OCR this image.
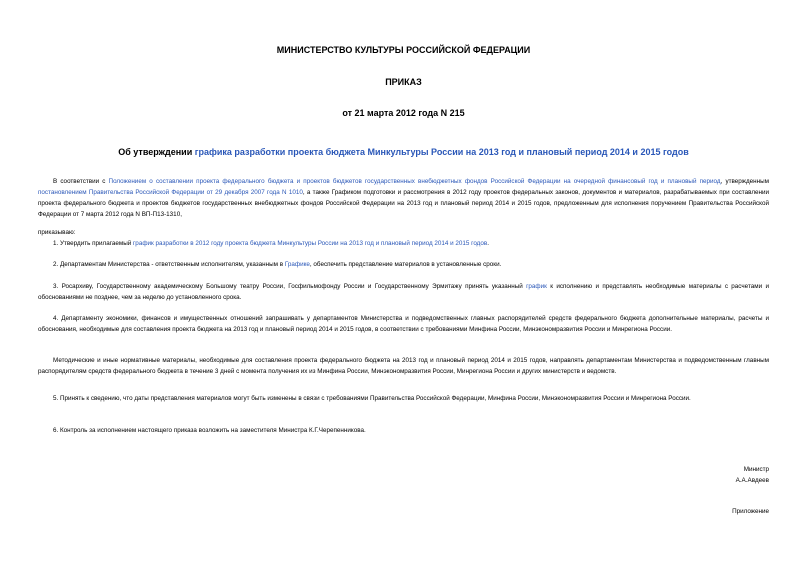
МИНИСТЕРСТВО КУЛЬТУРЫ РОССИЙСКОЙ ФЕДЕРАЦИИ
ПРИКАЗ
от 21 марта 2012 года N 215
Об утверждении графика разработки проекта бюджета Минкультуры России на 2013 год и плановый период 2014 и 2015 годов
В соответствии с Положением о составлении проекта федерального бюджета и проектов бюджетов государственных внебюджетных фондов Российской Федерации на очередной финансовый год и плановый период, утвержденным постановлением Правительства Российской Федерации от 29 декабря 2007 года N 1010, а также Графиком подготовки и рассмотрения в 2012 году проектов федеральных законов, документов и материалов, разрабатываемых при составлении проекта федерального бюджета и проектов бюджетов государственных внебюджетных фондов Российской Федерации на 2013 год и плановый период 2014 и 2015 годов, предложенным для исполнения поручением Правительства Российской Федерации от 7 марта 2012 года N ВП-П13-1310,
приказываю:
1. Утвердить прилагаемый график разработки в 2012 году проекта бюджета Минкультуры России на 2013 год и плановый период 2014 и 2015 годов.
2. Департаментам Министерства - ответственным исполнителям, указанным в Графике, обеспечить представление материалов в установленные сроки.
3. Росархиву, Государственному академическому Большому театру России, Госфильмофонду России и Государственному Эрмитажу принять указанный график к исполнению и представлять необходимые материалы с расчетами и обоснованиями не позднее, чем за неделю до установленного срока.
4. Департаменту экономики, финансов и имущественных отношений запрашивать у департаментов Министерства и подведомственных главных распорядителей средств федерального бюджета дополнительные материалы, расчеты и обоснования, необходимые для составления проекта бюджета на 2013 год и плановый период 2014 и 2015 годов, в соответствии с требованиями Минфина России, Минэкономразвития России и Минрегиона России.
Методические и иные нормативные материалы, необходимые для составления проекта федерального бюджета на 2013 год и плановый период 2014 и 2015 годов, направлять департаментам Министерства и подведомственным главным распорядителям средств федерального бюджета в течение 3 дней с момента получения их из Минфина России, Минэкономразвития России, Минрегиона России и других министерств и ведомств.
5. Принять к сведению, что даты представления материалов могут быть изменены в связи с требованиями Правительства Российской Федерации, Минфина России, Минэкономразвития России и Минрегиона России.
6. Контроль за исполнением настоящего приказа возложить на заместителя Министра К.Г.Черепенникова.
Министр
А.А.Авдеев
Приложение
